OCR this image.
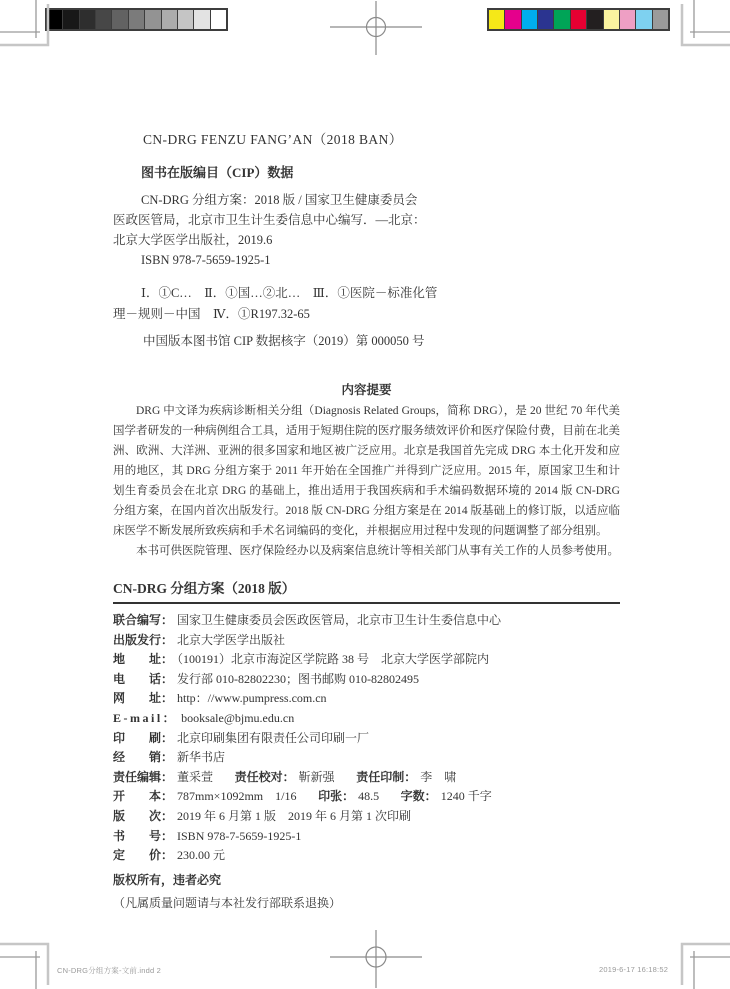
CN-DRG FENZU FANG’AN（2018 BAN）
图书在版编目（CIP）数据
CN-DRG 分组方案：2018 版 / 国家卫生健康委员会
医政医管局，北京市卫生计生委信息中心编写．—北京：
北京大学医学出版社，2019.6
ISBN 978-7-5659-1925-1
Ⅰ．①C…　Ⅱ．①国…②北…　Ⅲ．①医院－标准化管
理－规则－中国　Ⅳ．①R197.32-65
中国版本图书馆 CIP 数据核字（2019）第 000050 号
内容提要

DRG 中文译为疾病诊断相关分组（Diagnosis Related Groups，简称 DRG），是 20 世纪 70 年代美国学者研发的一种病例组合工具，适用于短期住院的医疗服务绩效评价和医疗保险付费，目前在北美洲、欧洲、大洋洲、亚洲的很多国家和地区被广泛应用。北京是我国首先完成 DRG 本土化开发和应用的地区，其 DRG 分组方案于 2011 年开始在全国推广并得到广泛应用。2015 年，原国家卫生和计划生育委员会在北京 DRG 的基础上，推出适用于我国疾病和手术编码数据环境的 2014 版 CN-DRG 分组方案，在国内首次出版发行。2018 版 CN-DRG 分组方案是在 2014 版基础上的修订版，以适应临床医学不断发展所致疾病和手术名词编码的变化，并根据应用过程中发现的问题调整了部分组别。

本书可供医院管理、医疗保险经办以及病案信息统计等相关部门从事有关工作的人员参考使用。

CN-DRG 分组方案（2018 版）
联合编写： 国家卫生健康委员会医政医管局，北京市卫生计生委信息中心
出版发行： 北京大学医学出版社
地　　址： （100191）北京市海淀区学院路 38 号　北京大学医学部院内
电　　话： 发行部 010-82802230；图书邮购 010-82802495
网　　址： http：//www.pumpress.com.cn
E-mail： booksale@bjmu.edu.cn
印　　刷： 北京印刷集团有限责任公司印刷一厂
经　　销： 新华书店
责任编辑： 董采萱 责任校对： 靳新强 责任印制： 李　啸
开　　本： 787mm×1092mm　1/16 印张： 48.5 字数： 1240 千字
版　　次： 2019 年 6 月第 1 版　2019 年 6 月第 1 次印刷
书　　号： ISBN 978-7-5659-1925-1
定　　价： 230.00 元
版权所有，违者必究
（凡属质量问题请与本社发行部联系退换）
CN-DRG分组方案-文前.indd 2	2019-6-17 16:18:52
